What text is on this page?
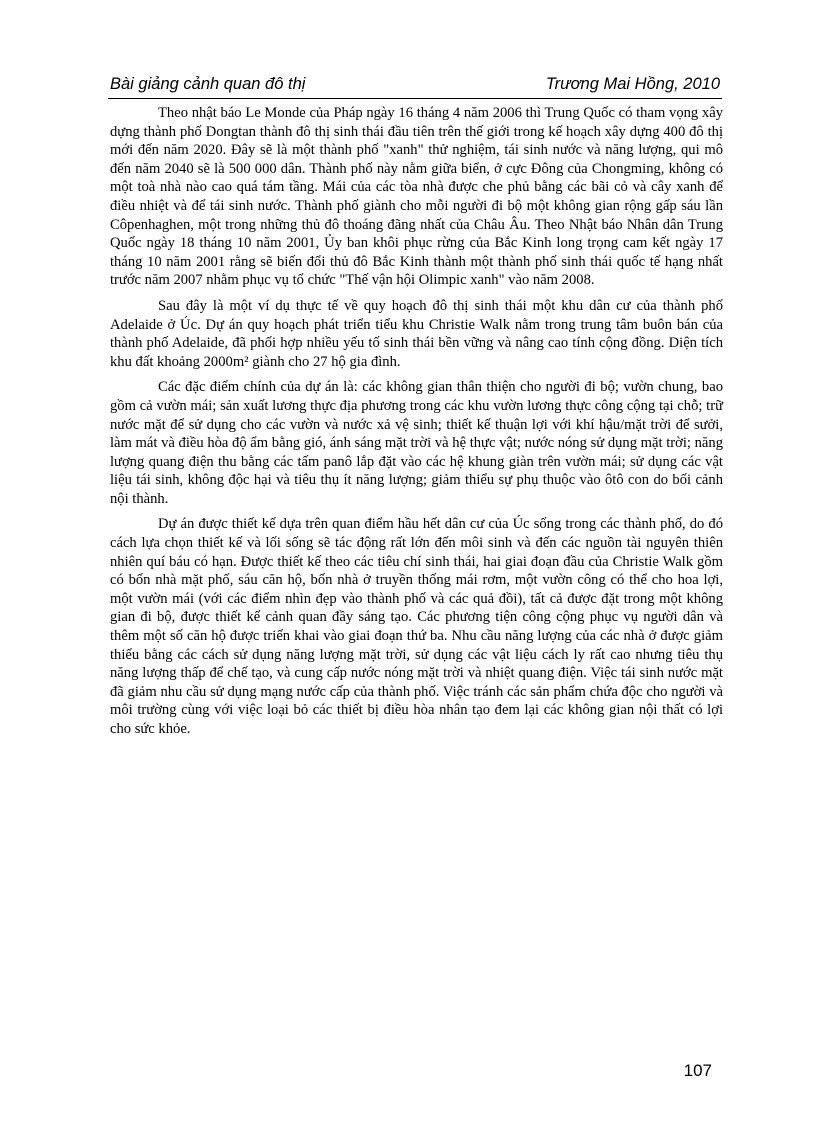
Bài giảng cảnh quan đô thị	Trương Mai Hồng, 2010

Theo nhật báo Le Monde của Pháp ngày 16 tháng 4 năm 2006 thì Trung Quốc có tham vọng xây dựng thành phố Dongtan thành đô thị sinh thái đầu tiên trên thế giới trong kế hoạch xây dựng 400 đô thị mới đến năm 2020. Đây sẽ là một thành phố "xanh" thử nghiệm, tái sinh nước và năng lượng, qui mô đến năm 2040 sẽ là 500 000 dân. Thành phố này nằm giữa biển, ở cực Đông của Chongming, không có một toà nhà nào cao quá tám tầng. Mái của các tòa nhà được che phủ bằng các bãi cỏ và cây xanh để điều nhiệt và để tái sinh nước. Thành phố giành cho mỗi người đi bộ một không gian rộng gấp sáu lần Côpenhaghen, một trong những thủ đô thoáng đãng nhất của Châu Âu. Theo Nhật báo Nhân dân Trung Quốc ngày 18 tháng 10 năm 2001, Ủy ban khôi phục rừng của Bắc Kinh long trọng cam kết ngày 17 tháng 10 năm 2001 rằng sẽ biến đổi thủ đô Bắc Kinh thành một thành phố sinh thái quốc tế hạng nhất trước năm 2007 nhằm phục vụ tổ chức "Thế vận hội Olimpic xanh" vào năm 2008.

Sau đây là một ví dụ thực tế về quy hoạch đô thị sinh thái một khu dân cư của thành phố Adelaide ở Úc. Dự án quy hoạch phát triển tiểu khu Christie Walk nằm trong trung tâm buôn bán của thành phố Adelaide, đã phối hợp nhiều yếu tố sinh thái bền vững và nâng cao tính cộng đồng. Diện tích khu đất khoảng 2000m² giành cho 27 hộ gia đình.

Các đặc điểm chính của dự án là: các không gian thân thiện cho người đi bộ; vườn chung, bao gồm cả vườn mái; sản xuất lương thực địa phương trong các khu vườn lương thực công cộng tại chỗ; trữ nước mặt để sử dụng cho các vườn và nước xả vệ sinh; thiết kế thuận lợi với khí hậu/mặt trời để sưởi, làm mát và điều hòa độ ẩm bằng gió, ánh sáng mặt trời và hệ thực vật; nước nóng sử dụng mặt trời; năng lượng quang điện thu bằng các tấm panô lắp đặt vào các hệ khung giàn trên vườn mái; sử dụng các vật liệu tái sinh, không độc hại và tiêu thụ ít năng lượng; giảm thiểu sự phụ thuộc vào ôtô con do bối cảnh nội thành.

Dự án được thiết kế dựa trên quan điểm hầu hết dân cư của Úc sống trong các thành phố, do đó cách lựa chọn thiết kế và lối sống sẽ tác động rất lớn đến môi sinh và đến các nguồn tài nguyên thiên nhiên quí báu có hạn. Được thiết kế theo các tiêu chí sinh thái, hai giai đoạn đầu của Christie Walk gồm có bốn nhà mặt phố, sáu căn hộ, bốn nhà ở truyền thống mái rơm, một vườn công có thể cho hoa lợi, một vườn mái (với các điểm nhìn đẹp vào thành phố và các quả đồi), tất cả được đặt trong một không gian đi bộ, được thiết kế cảnh quan đầy sáng tạo. Các phương tiện công cộng phục vụ người dân và thêm một số căn hộ được triển khai vào giai đoạn thứ ba. Nhu cầu năng lượng của các nhà ở được giảm thiểu bằng các cách sử dụng năng lượng mặt trời, sử dụng các vật liệu cách ly rất cao nhưng tiêu thụ năng lượng thấp để chế tạo, và cung cấp nước nóng mặt trời và nhiệt quang điện. Việc tái sinh nước mặt đã giảm nhu cầu sử dụng mạng nước cấp của thành phố. Việc tránh các sản phẩm chứa độc cho người và môi trường cùng với việc loại bỏ các thiết bị điều hòa nhân tạo đem lại các không gian nội thất có lợi cho sức khỏe.

107
